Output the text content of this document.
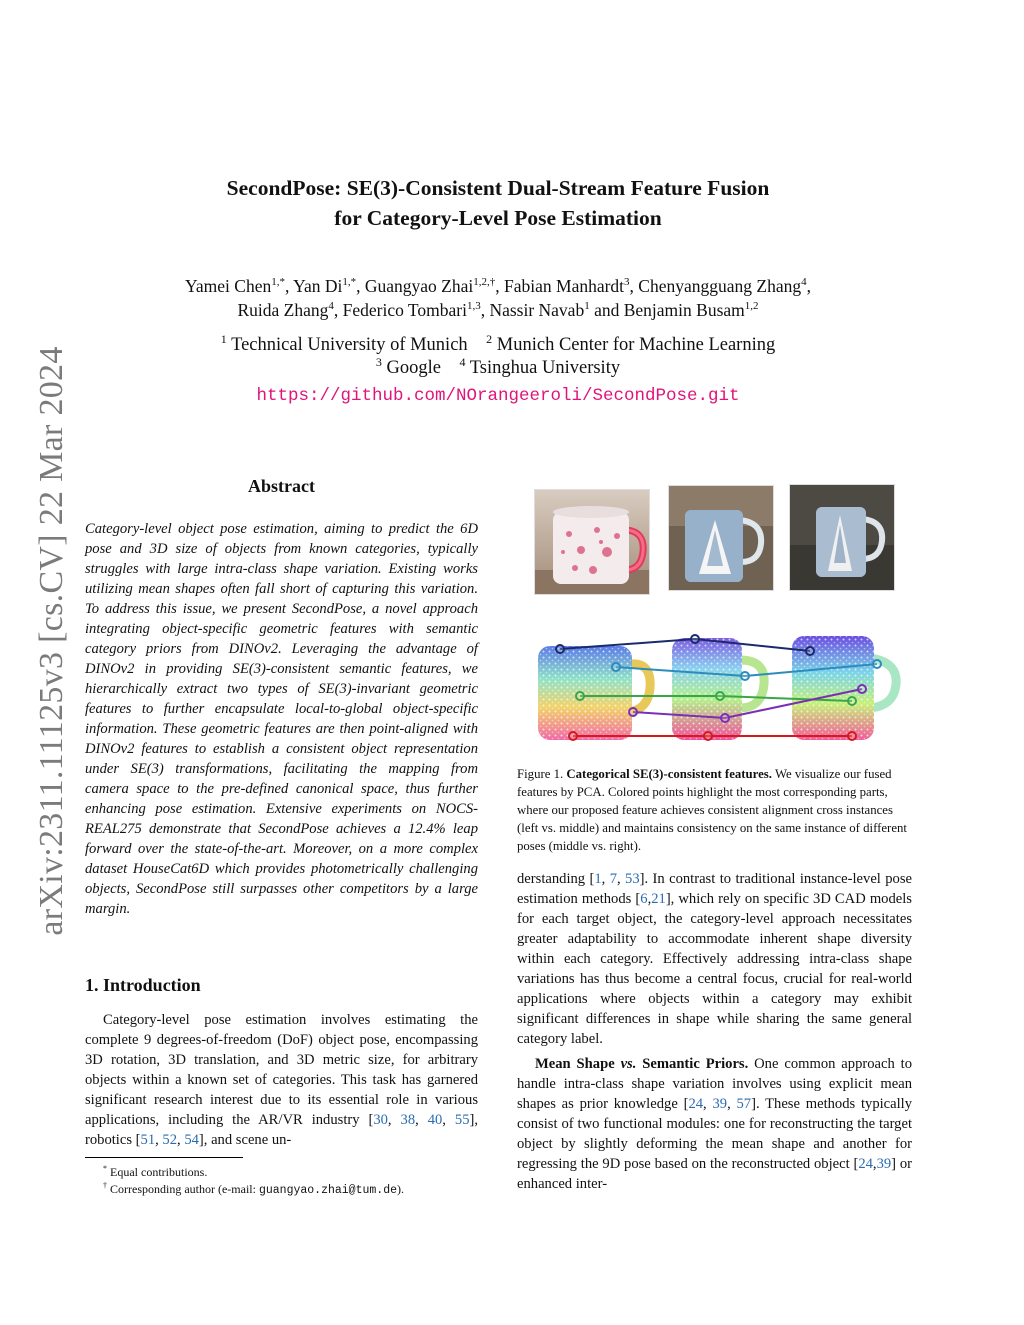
arXiv:2311.11125v3 [cs.CV] 22 Mar 2024
SecondPose: SE(3)-Consistent Dual-Stream Feature Fusion
for Category-Level Pose Estimation
Yamei Chen$^{1,*}$, Yan $Di^{1,*}$, Guangyao Zhai$^{1,2,\dagger}$, Fabian Manhardt$^3$, Chenyangguang Zhang$^4$,
Ruida Zhang$^4$, Federico Tombari$^{1,3}$, Nassir Navab$^1$ and Benjamin Busam$^{1,2}$
$^1$ Technical University of Munich $^2$ Munich Center for Machine Learning
$^3$ Google $^4$ Tsinghua University
https://github.com/NOrangeeroli/SecondPose.git
Abstract
Category-level object pose estimation, aiming to predict the 6D pose and 3D size of objects from known categories, typically struggles with large intra-class shape variation. Existing works utilizing mean shapes often fall short of capturing this variation. To address this issue, we present SecondPose, a novel approach integrating object-specific geometric features with semantic category priors from DINOv2. Leveraging the advantage of DINOv2 in providing SE(3)-consistent semantic features, we hierarchically extract two types of SE(3)-invariant geometric features to further encapsulate local-to-global object-specific information. These geometric features are then point-aligned with DINOv2 features to establish a consistent object representation under SE(3) transformations, facilitating the mapping from camera space to the pre-defined canonical space, thus further enhancing pose estimation. Extensive experiments on NOCS-REAL275 demonstrate that SecondPose achieves a 12.4% leap forward over the state-of-the-art. Moreover, on a more complex dataset HouseCat6D which provides photometrically challenging objects, SecondPose still surpasses other competitors by a large margin.
1. Introduction
Category-level pose estimation involves estimating the complete 9 degrees-of-freedom (DoF) object pose, encompassing 3D rotation, 3D translation, and 3D metric size, for arbitrary objects within a known set of categories. This task has garnered significant research interest due to its essential role in various applications, including the AR/VR industry [30, 38, 40, 55], robotics [51, 52, 54], and scene un-
* Equal contributions.
† Corresponding author (e-mail: guangyao.zhai@tum.de).
Figure 1. Categorical SE(3)-consistent features. We visualize our fused features by PCA. Colored points highlight the most corresponding parts, where our proposed feature achieves consistent alignment cross instances (left vs. middle) and maintains consistency on the same instance of different poses (middle vs. right).
derstanding [1, 7, 53]. In contrast to traditional instance-level pose estimation methods [6,21], which rely on specific 3D CAD models for each target object, the category-level approach necessitates greater adaptability to accommodate inherent shape diversity within each category. Effectively addressing intra-class shape variations has thus become a central focus, crucial for real-world applications where objects within a category may exhibit significant differences in shape while sharing the same general category label.
Mean Shape vs. Semantic Priors. One common approach to handle intra-class shape variation involves using explicit mean shapes as prior knowledge [24, 39, 57]. These methods typically consist of two functional modules: one for reconstructing the target object by slightly deforming the mean shape and another for regressing the 9D pose based on the reconstructed object [24,39] or enhanced inter-
